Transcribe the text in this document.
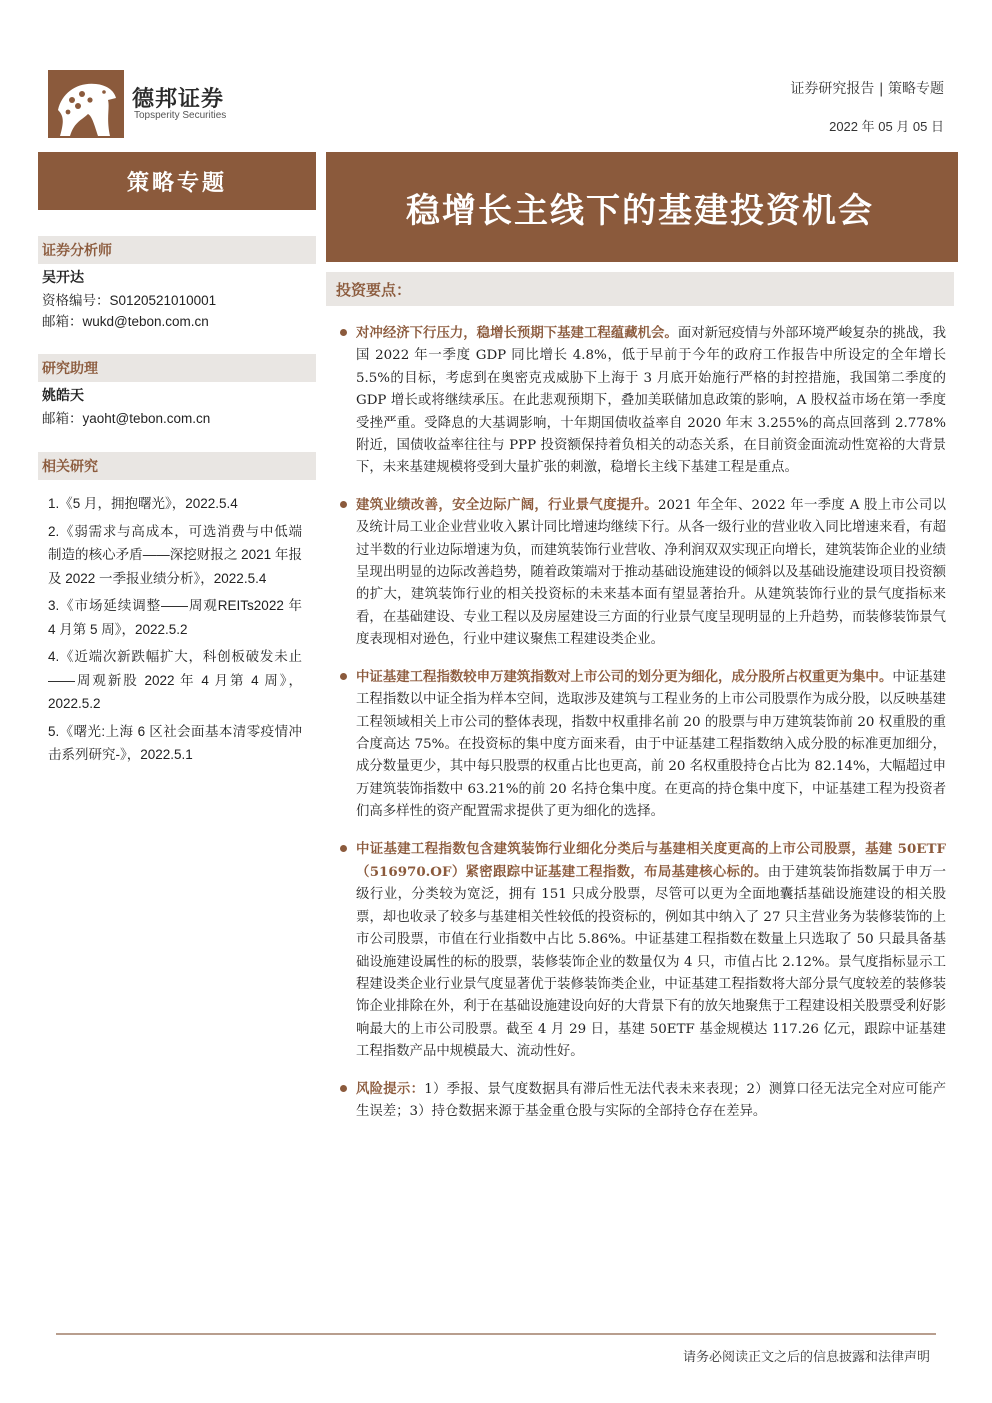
德邦证券
Topsperity Securities
证券研究报告 | 策略专题
2022 年 05 月 05 日
策略专题
稳增长主线下的基建投资机会
证券分析师
吴开达
资格编号：S0120521010001
邮箱：wukd@tebon.com.cn
研究助理
姚皓天
邮箱：yaoht@tebon.com.cn
相关研究
1.《5 月，拥抱曙光》，2022.5.4
2.《弱需求与高成本，可选消费与中低端制造的核心矛盾——深挖财报之 2021 年报及 2022 一季报业绩分析》，2022.5.4
3.《市场延续调整——周观REITs2022 年 4 月第 5 周》，2022.5.2
4.《近端次新跌幅扩大，科创板破发未止——周观新股 2022 年 4 月第 4 周》，2022.5.2
5.《曙光:上海 6 区社会面基本清零疫情冲击系列研究-》，2022.5.1
投资要点：
对冲经济下行压力，稳增长预期下基建工程蕴藏机会。面对新冠疫情与外部环境严峻复杂的挑战，我国 2022 年一季度 GDP 同比增长 4.8%，低于早前于今年的政府工作报告中所设定的全年增长 5.5%的目标，考虑到在奥密克戎威胁下上海于 3 月底开始施行严格的封控措施，我国第二季度的 GDP 增长或将继续承压。在此悲观预期下，叠加美联储加息政策的影响，A 股权益市场在第一季度受挫严重。受降息的大基调影响，十年期国债收益率自 2020 年末 3.255%的高点回落到 2.778%附近，国债收益率往往与 PPP 投资额保持着负相关的动态关系，在目前资金面流动性宽裕的大背景下，未来基建规模将受到大量扩张的刺激，稳增长主线下基建工程是重点。
建筑业绩改善，安全边际广阔，行业景气度提升。2021 年全年、2022 年一季度 A 股上市公司以及统计局工业企业营业收入累计同比增速均继续下行。从各一级行业的营业收入同比增速来看，有超过半数的行业边际增速为负，而建筑装饰行业营收、净利润双双实现正向增长，建筑装饰企业的业绩呈现出明显的边际改善趋势，随着政策端对于推动基础设施建设的倾斜以及基础设施建设项目投资额的扩大，建筑装饰行业的相关投资标的未来基本面有望显著抬升。从建筑装饰行业的景气度指标来看，在基础建设、专业工程以及房屋建设三方面的行业景气度呈现明显的上升趋势，而装修装饰景气度表现相对逊色，行业中建议聚焦工程建设类企业。
中证基建工程指数较申万建筑指数对上市公司的划分更为细化，成分股所占权重更为集中。中证基建工程指数以中证全指为样本空间，选取涉及建筑与工程业务的上市公司股票作为成分股，以反映基建工程领域相关上市公司的整体表现，指数中权重排名前 20 的股票与申万建筑装饰前 20 权重股的重合度高达 75%。在投资标的集中度方面来看，由于中证基建工程指数纳入成分股的标准更加细分，成分数量更少，其中每只股票的权重占比也更高，前 20 名权重股持仓占比为 82.14%，大幅超过申万建筑装饰指数中 63.21%的前 20 名持仓集中度。在更高的持仓集中度下，中证基建工程为投资者们高多样性的资产配置需求提供了更为细化的选择。
中证基建工程指数包含建筑装饰行业细化分类后与基建相关度更高的上市公司股票，基建 50ETF（516970.OF）紧密跟踪中证基建工程指数，布局基建核心标的。由于建筑装饰指数属于申万一级行业，分类较为宽泛，拥有 151 只成分股票，尽管可以更为全面地囊括基础设施建设的相关股票，却也收录了较多与基建相关性较低的投资标的，例如其中纳入了 27 只主营业务为装修装饰的上市公司股票，市值在行业指数中占比 5.86%。中证基建工程指数在数量上只选取了 50 只最具备基础设施建设属性的标的股票，装修装饰企业的数量仅为 4 只，市值占比 2.12%。景气度指标显示工程建设类企业行业景气度显著优于装修装饰类企业，中证基建工程指数将大部分景气度较差的装修装饰企业排除在外，利于在基础设施建设向好的大背景下有的放矢地聚焦于工程建设相关股票受利好影响最大的上市公司股票。截至 4 月 29 日，基建 50ETF 基金规模达 117.26 亿元，跟踪中证基建工程指数产品中规模最大、流动性好。
风险提示：1）季报、景气度数据具有滞后性无法代表未来表现；2）测算口径无法完全对应可能产生误差；3）持仓数据来源于基金重仓股与实际的全部持仓存在差异。
请务必阅读正文之后的信息披露和法律声明
